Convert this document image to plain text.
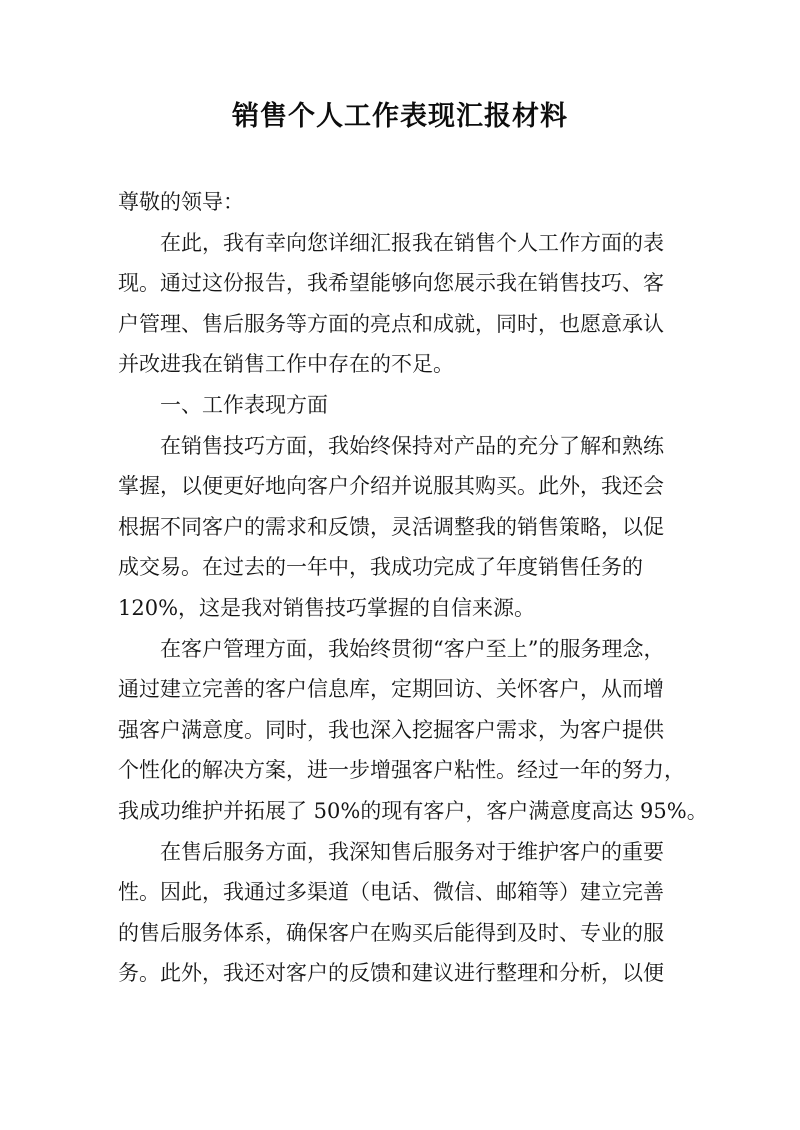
销售个人工作表现汇报材料
尊敬的领导：
在此，我有幸向您详细汇报我在销售个人工作方面的表
现。通过这份报告，我希望能够向您展示我在销售技巧、客
户管理、售后服务等方面的亮点和成就，同时，也愿意承认
并改进我在销售工作中存在的不足。
一、工作表现方面
在销售技巧方面，我始终保持对产品的充分了解和熟练
掌握，以便更好地向客户介绍并说服其购买。此外，我还会
根据不同客户的需求和反馈，灵活调整我的销售策略，以促
成交易。在过去的一年中，我成功完成了年度销售任务的
120%，这是我对销售技巧掌握的自信来源。
在客户管理方面，我始终贯彻“客户至上”的服务理念，
通过建立完善的客户信息库，定期回访、关怀客户，从而增
强客户满意度。同时，我也深入挖掘客户需求，为客户提供
个性化的解决方案，进一步增强客户粘性。经过一年的努力，
我成功维护并拓展了 50%的现有客户，客户满意度高达 95%。
在售后服务方面，我深知售后服务对于维护客户的重要
性。因此，我通过多渠道（电话、微信、邮箱等）建立完善
的售后服务体系，确保客户在购买后能得到及时、专业的服
务。此外，我还对客户的反馈和建议进行整理和分析，以便
